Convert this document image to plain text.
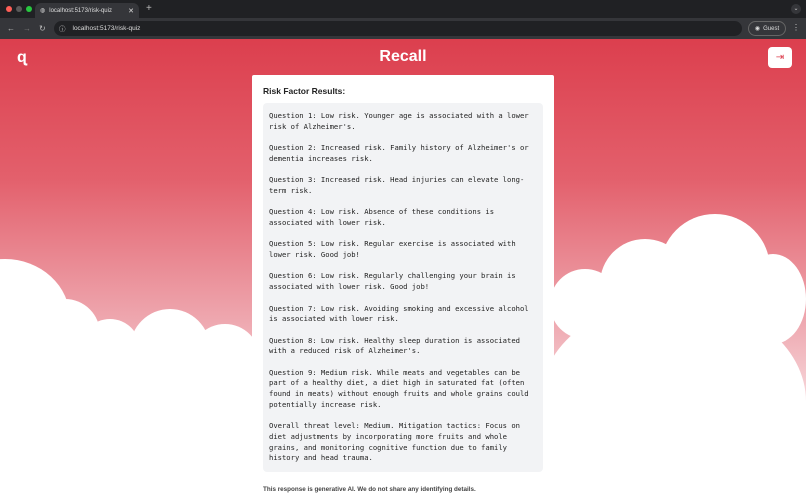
◍ localhost:5173/risk-quiz ✕ +	⌄
← → ↻ ⓘ localhost:5173/risk-quiz	◉ Guest ⋮
ɋ	Recall	⇥
Risk Factor Results:

Question 1: Low risk. Younger age is associated with a lower risk of Alzheimer's.

Question 2: Increased risk. Family history of Alzheimer's or dementia increases risk.

Question 3: Increased risk. Head injuries can elevate long-term risk.

Question 4: Low risk. Absence of these conditions is associated with lower risk.

Question 5: Low risk. Regular exercise is associated with lower risk. Good job!

Question 6: Low risk. Regularly challenging your brain is associated with lower risk. Good job!

Question 7: Low risk. Avoiding smoking and excessive alcohol is associated with lower risk.

Question 8: Low risk. Healthy sleep duration is associated with a reduced risk of Alzheimer's.

Question 9: Medium risk. While meats and vegetables can be part of a healthy diet, a diet high in saturated fat (often found in meats) without enough fruits and whole grains could potentially increase risk.

Overall threat level: Medium. Mitigation tactics: Focus on diet adjustments by incorporating more fruits and whole grains, and monitoring cognitive function due to family history and head trauma.

This response is generative AI. We do not share any identifying details.
